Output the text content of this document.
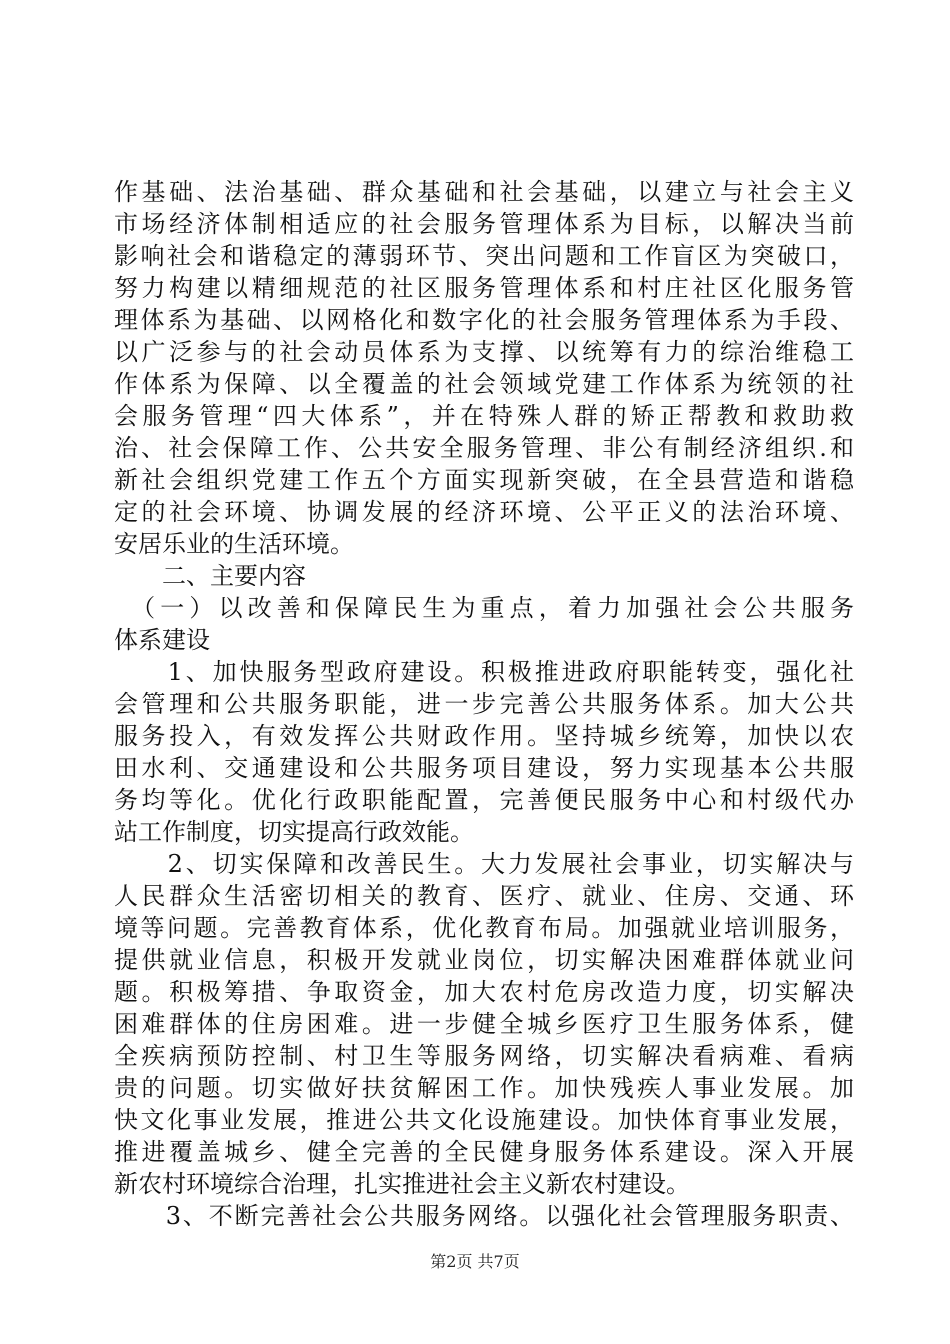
作基础、法治基础、群众基础和社会基础，以建立与社会主义
市场经济体制相适应的社会服务管理体系为目标，以解决当前
影响社会和谐稳定的薄弱环节、突出问题和工作盲区为突破口，
努力构建以精细规范的社区服务管理体系和村庄社区化服务管
理体系为基础、以网格化和数字化的社会服务管理体系为手段、
以广泛参与的社会动员体系为支撑、以统筹有力的综治维稳工
作体系为保障、以全覆盖的社会领域党建工作体系为统领的社
会服务管理“四大体系”，并在特殊人群的矫正帮教和救助救
治、社会保障工作、公共安全服务管理、非公有制经济组织.和
新社会组织党建工作五个方面实现新突破，在全县营造和谐稳
定的社会环境、协调发展的经济环境、公平正义的法治环境、
安居乐业的生活环境。
　　二、主要内容
　（一）以改善和保障民生为重点，着力加强社会公共服务
体系建设
　　1、加快服务型政府建设。积极推进政府职能转变，强化社
会管理和公共服务职能，进一步完善公共服务体系。加大公共
服务投入，有效发挥公共财政作用。坚持城乡统筹，加快以农
田水利、交通建设和公共服务项目建设，努力实现基本公共服
务均等化。优化行政职能配置，完善便民服务中心和村级代办
站工作制度，切实提高行政效能。
　　2、切实保障和改善民生。大力发展社会事业，切实解决与
人民群众生活密切相关的教育、医疗、就业、住房、交通、环
境等问题。完善教育体系，优化教育布局。加强就业培训服务，
提供就业信息，积极开发就业岗位，切实解决困难群体就业问
题。积极筹措、争取资金，加大农村危房改造力度，切实解决
困难群体的住房困难。进一步健全城乡医疗卫生服务体系，健
全疾病预防控制、村卫生等服务网络，切实解决看病难、看病
贵的问题。切实做好扶贫解困工作。加快残疾人事业发展。加
快文化事业发展，推进公共文化设施建设。加快体育事业发展，
推进覆盖城乡、健全完善的全民健身服务体系建设。深入开展
新农村环境综合治理，扎实推进社会主义新农村建设。
　　3、不断完善社会公共服务网络。以强化社会管理服务职责、
第2页 共7页
